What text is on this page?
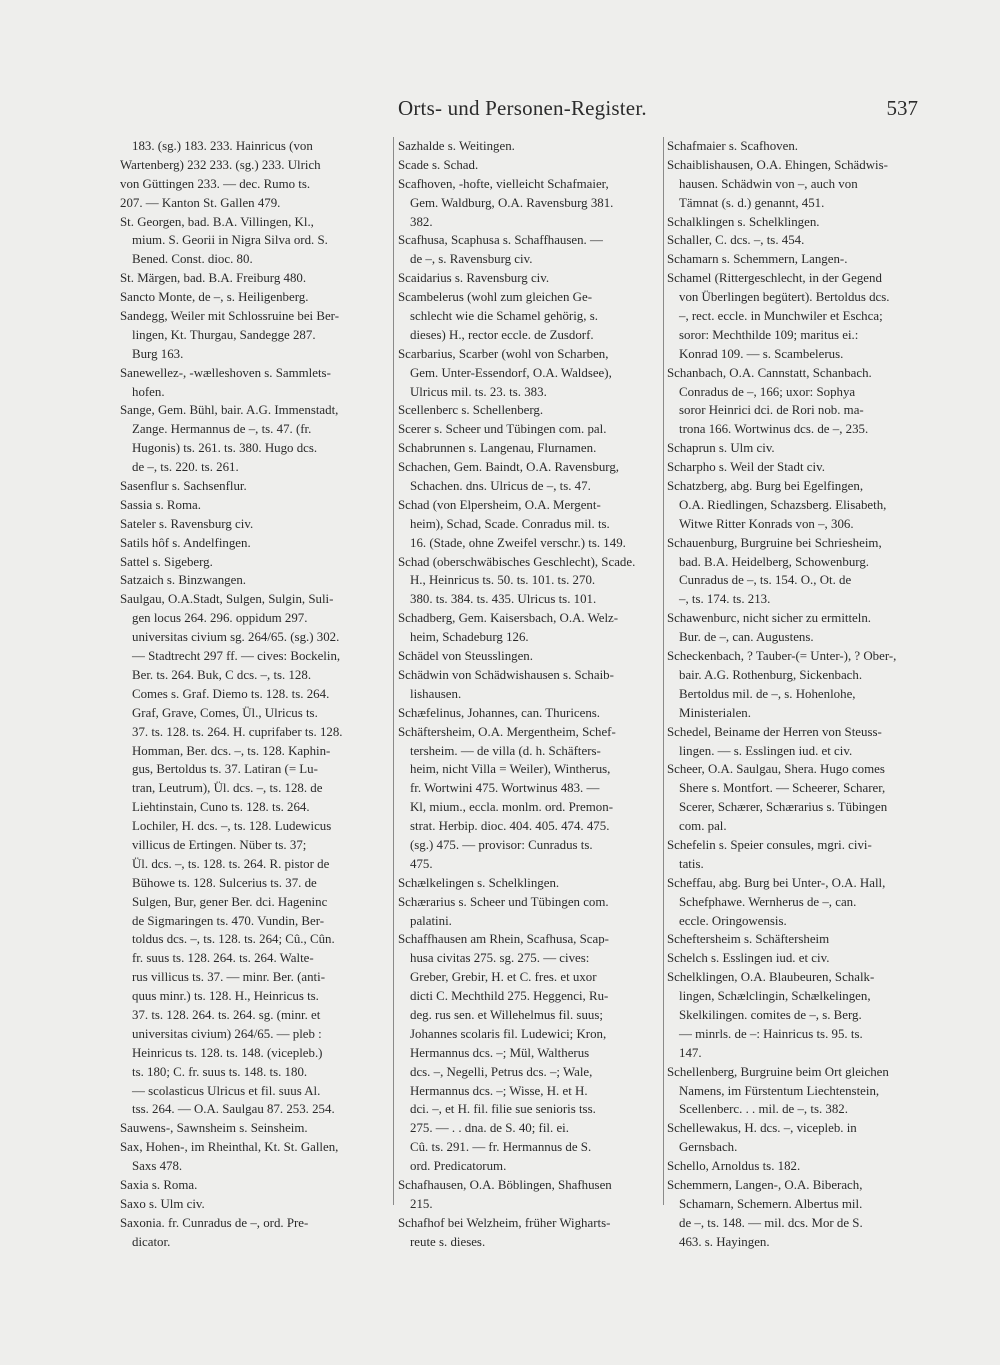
Orts- und Personen-Register.	537
183. (sg.) 183. 233. Hainricus (von
Wartenberg) 232 233. (sg.) 233. Ulrich
von Güttingen 233. — dec. Rumo ts.
207. — Kanton St. Gallen 479.
St. Georgen, bad. B.A. Villingen, Kl.,
mium. S. Georii in Nigra Silva ord. S.
Bened. Const. dioc. 80.
St. Märgen, bad. B.A. Freiburg 480.
Sancto Monte, de –, s. Heiligenberg.
Sandegg, Weiler mit Schlossruine bei Ber-
lingen, Kt. Thurgau, Sandegge 287.
Burg 163.
Sanewellez-, -wælleshoven s. Sammlets-
hofen.
Sange, Gem. Bühl, bair. A.G. Immenstadt,
Zange. Hermannus de –, ts. 47. (fr.
Hugonis) ts. 261. ts. 380. Hugo dcs.
de –, ts. 220. ts. 261.
Sasenflur s. Sachsenflur.
Sassia s. Roma.
Sateler s. Ravensburg civ.
Satils hôf s. Andelfingen.
Sattel s. Sigeberg.
Satzaich s. Binzwangen.
Saulgau, O.A.Stadt, Sulgen, Sulgin, Suli-
gen locus 264. 296. oppidum 297.
universitas civium sg. 264/65. (sg.) 302.
— Stadtrecht 297 ff. — cives: Bockelin,
Ber. ts. 264. Buk, C dcs. –, ts. 128.
Comes s. Graf. Diemo ts. 128. ts. 264.
Graf, Grave, Comes, Ül., Ulricus ts.
37. ts. 128. ts. 264. H. cuprifaber ts. 128.
Homman, Ber. dcs. –, ts. 128. Kaphin-
gus, Bertoldus ts. 37. Latiran (= Lu-
tran, Leutrum), Ül. dcs. –, ts. 128. de
Liehtinstain, Cuno ts. 128. ts. 264.
Lochiler, H. dcs. –, ts. 128. Ludewicus
villicus de Ertingen. Nüber ts. 37;
Ül. dcs. –, ts. 128. ts. 264. R. pistor de
Bühowe ts. 128. Sulcerius ts. 37. de
Sulgen, Bur, gener Ber. dci. Hageninc
de Sigmaringen ts. 470. Vundin, Ber-
toldus dcs. –, ts. 128. ts. 264; Cû., Cûn.
fr. suus ts. 128. 264. ts. 264. Walte-
rus villicus ts. 37. — minr. Ber. (anti-
quus minr.) ts. 128. H., Heinricus ts.
37. ts. 128. 264. ts. 264. sg. (minr. et
universitas civium) 264/65. — pleb :
Heinricus ts. 128. ts. 148. (vicepleb.)
ts. 180; C. fr. suus ts. 148. ts. 180.
— scolasticus Ulricus et fil. suus Al.
tss. 264. — O.A. Saulgau 87. 253. 254.
Sauwens-, Sawnsheim s. Seinsheim.
Sax, Hohen-, im Rheinthal, Kt. St. Gallen,
Saxs 478.
Saxia s. Roma.
Saxo s. Ulm civ.
Saxonia. fr. Cunradus de –, ord. Pre-
dicator.
Sazhalde s. Weitingen.
Scade s. Schad.
Scafhoven, -hofte, vielleicht Schafmaier,
Gem. Waldburg, O.A. Ravensburg 381.
382.
Scafhusa, Scaphusa s. Schaffhausen. —
de –, s. Ravensburg civ.
Scaidarius s. Ravensburg civ.
Scambelerus (wohl zum gleichen Ge-
schlecht wie die Schamel gehörig, s.
dieses) H., rector eccle. de Zusdorf.
Scarbarius, Scarber (wohl von Scharben,
Gem. Unter-Essendorf, O.A. Waldsee),
Ulricus mil. ts. 23. ts. 383.
Scellenberc s. Schellenberg.
Scerer s. Scheer und Tübingen com. pal.
Schabrunnen s. Langenau, Flurnamen.
Schachen, Gem. Baindt, O.A. Ravensburg,
Schachen. dns. Ulricus de –, ts. 47.
Schad (von Elpersheim, O.A. Mergent-
heim), Schad, Scade. Conradus mil. ts.
16. (Stade, ohne Zweifel verschr.) ts. 149.
Schad (oberschwäbisches Geschlecht), Scade.
H., Heinricus ts. 50. ts. 101. ts. 270.
380. ts. 384. ts. 435. Ulricus ts. 101.
Schadberg, Gem. Kaisersbach, O.A. Welz-
heim, Schadeburg 126.
Schädel von Steusslingen.
Schädwin von Schädwishausen s. Schaib-
lishausen.
Schæfelinus, Johannes, can. Thuricens.
Schäftersheim, O.A. Mergentheim, Schef-
tersheim. — de villa (d. h. Schäfters-
heim, nicht Villa = Weiler), Wintherus,
fr. Wortwini 475. Wortwinus 483. —
Kl, mium., eccla. monlm. ord. Premon-
strat. Herbip. dioc. 404. 405. 474. 475.
(sg.) 475. — provisor: Cunradus ts.
475.
Schælkelingen s. Schelklingen.
Schærarius s. Scheer und Tübingen com.
palatini.
Schaffhausen am Rhein, Scafhusa, Scap-
husa civitas 275. sg. 275. — cives:
Greber, Grebir, H. et C. fres. et uxor
dicti C. Mechthild 275. Heggenci, Ru-
deg. rus sen. et Willehelmus fil. suus;
Johannes scolaris fil. Ludewici; Kron,
Hermannus dcs. –; Mül, Waltherus
dcs. –, Negelli, Petrus dcs. –; Wale,
Hermannus dcs. –; Wisse, H. et H.
dci. –, et H. fil. filie sue senioris tss.
275. — . . dna. de S. 40; fil. ei.
Cû. ts. 291. — fr. Hermannus de S.
ord. Predicatorum.
Schafhausen, O.A. Böblingen, Shafhusen
215.
Schafhof bei Welzheim, früher Wigharts-
reute s. dieses.
Schafmaier s. Scafhoven.
Schaiblishausen, O.A. Ehingen, Schädwis-
hausen. Schädwin von –, auch von
Tämnat (s. d.) genannt, 451.
Schalklingen s. Schelklingen.
Schaller, C. dcs. –, ts. 454.
Schamarn s. Schemmern, Langen-.
Schamel (Rittergeschlecht, in der Gegend
von Überlingen begütert). Bertoldus dcs.
–, rect. eccle. in Munchwiler et Eschca;
soror: Mechthilde 109; maritus ei.:
Konrad 109. — s. Scambelerus.
Schanbach, O.A. Cannstatt, Schanbach.
Conradus de –, 166; uxor: Sophya
soror Heinrici dci. de Rori nob. ma-
trona 166. Wortwinus dcs. de –, 235.
Schaprun s. Ulm civ.
Scharpho s. Weil der Stadt civ.
Schatzberg, abg. Burg bei Egelfingen,
O.A. Riedlingen, Schazsberg. Elisabeth,
Witwe Ritter Konrads von –, 306.
Schauenburg, Burgruine bei Schriesheim,
bad. B.A. Heidelberg, Schowenburg.
Cunradus de –, ts. 154. O., Ot. de
–, ts. 174. ts. 213.
Schawenburc, nicht sicher zu ermitteln.
Bur. de –, can. Augustens.
Scheckenbach, ? Tauber-(= Unter-), ? Ober-,
bair. A.G. Rothenburg, Sickenbach.
Bertoldus mil. de –, s. Hohenlohe,
Ministerialen.
Schedel, Beiname der Herren von Steuss-
lingen. — s. Esslingen iud. et civ.
Scheer, O.A. Saulgau, Shera. Hugo comes
Shere s. Montfort. — Scheerer, Scharer,
Scerer, Schærer, Schærarius s. Tübingen
com. pal.
Schefelin s. Speier consules, mgri. civi-
tatis.
Scheffau, abg. Burg bei Unter-, O.A. Hall,
Schefphawe. Wernherus de –, can.
eccle. Oringowensis.
Scheftersheim s. Schäftersheim
Schelch s. Esslingen iud. et civ.
Schelklingen, O.A. Blaubeuren, Schalk-
lingen, Schælclingin, Schælkelingen,
Skelkilingen. comites de –, s. Berg.
— minrls. de –: Hainricus ts. 95. ts.
147.
Schellenberg, Burgruine beim Ort gleichen
Namens, im Fürstentum Liechtenstein,
Scellenberc. . . mil. de –, ts. 382.
Schellewakus, H. dcs. –, vicepleb. in
Gernsbach.
Schello, Arnoldus ts. 182.
Schemmern, Langen-, O.A. Biberach,
Schamarn, Schemern. Albertus mil.
de –, ts. 148. — mil. dcs. Mor de S.
463. s. Hayingen.
